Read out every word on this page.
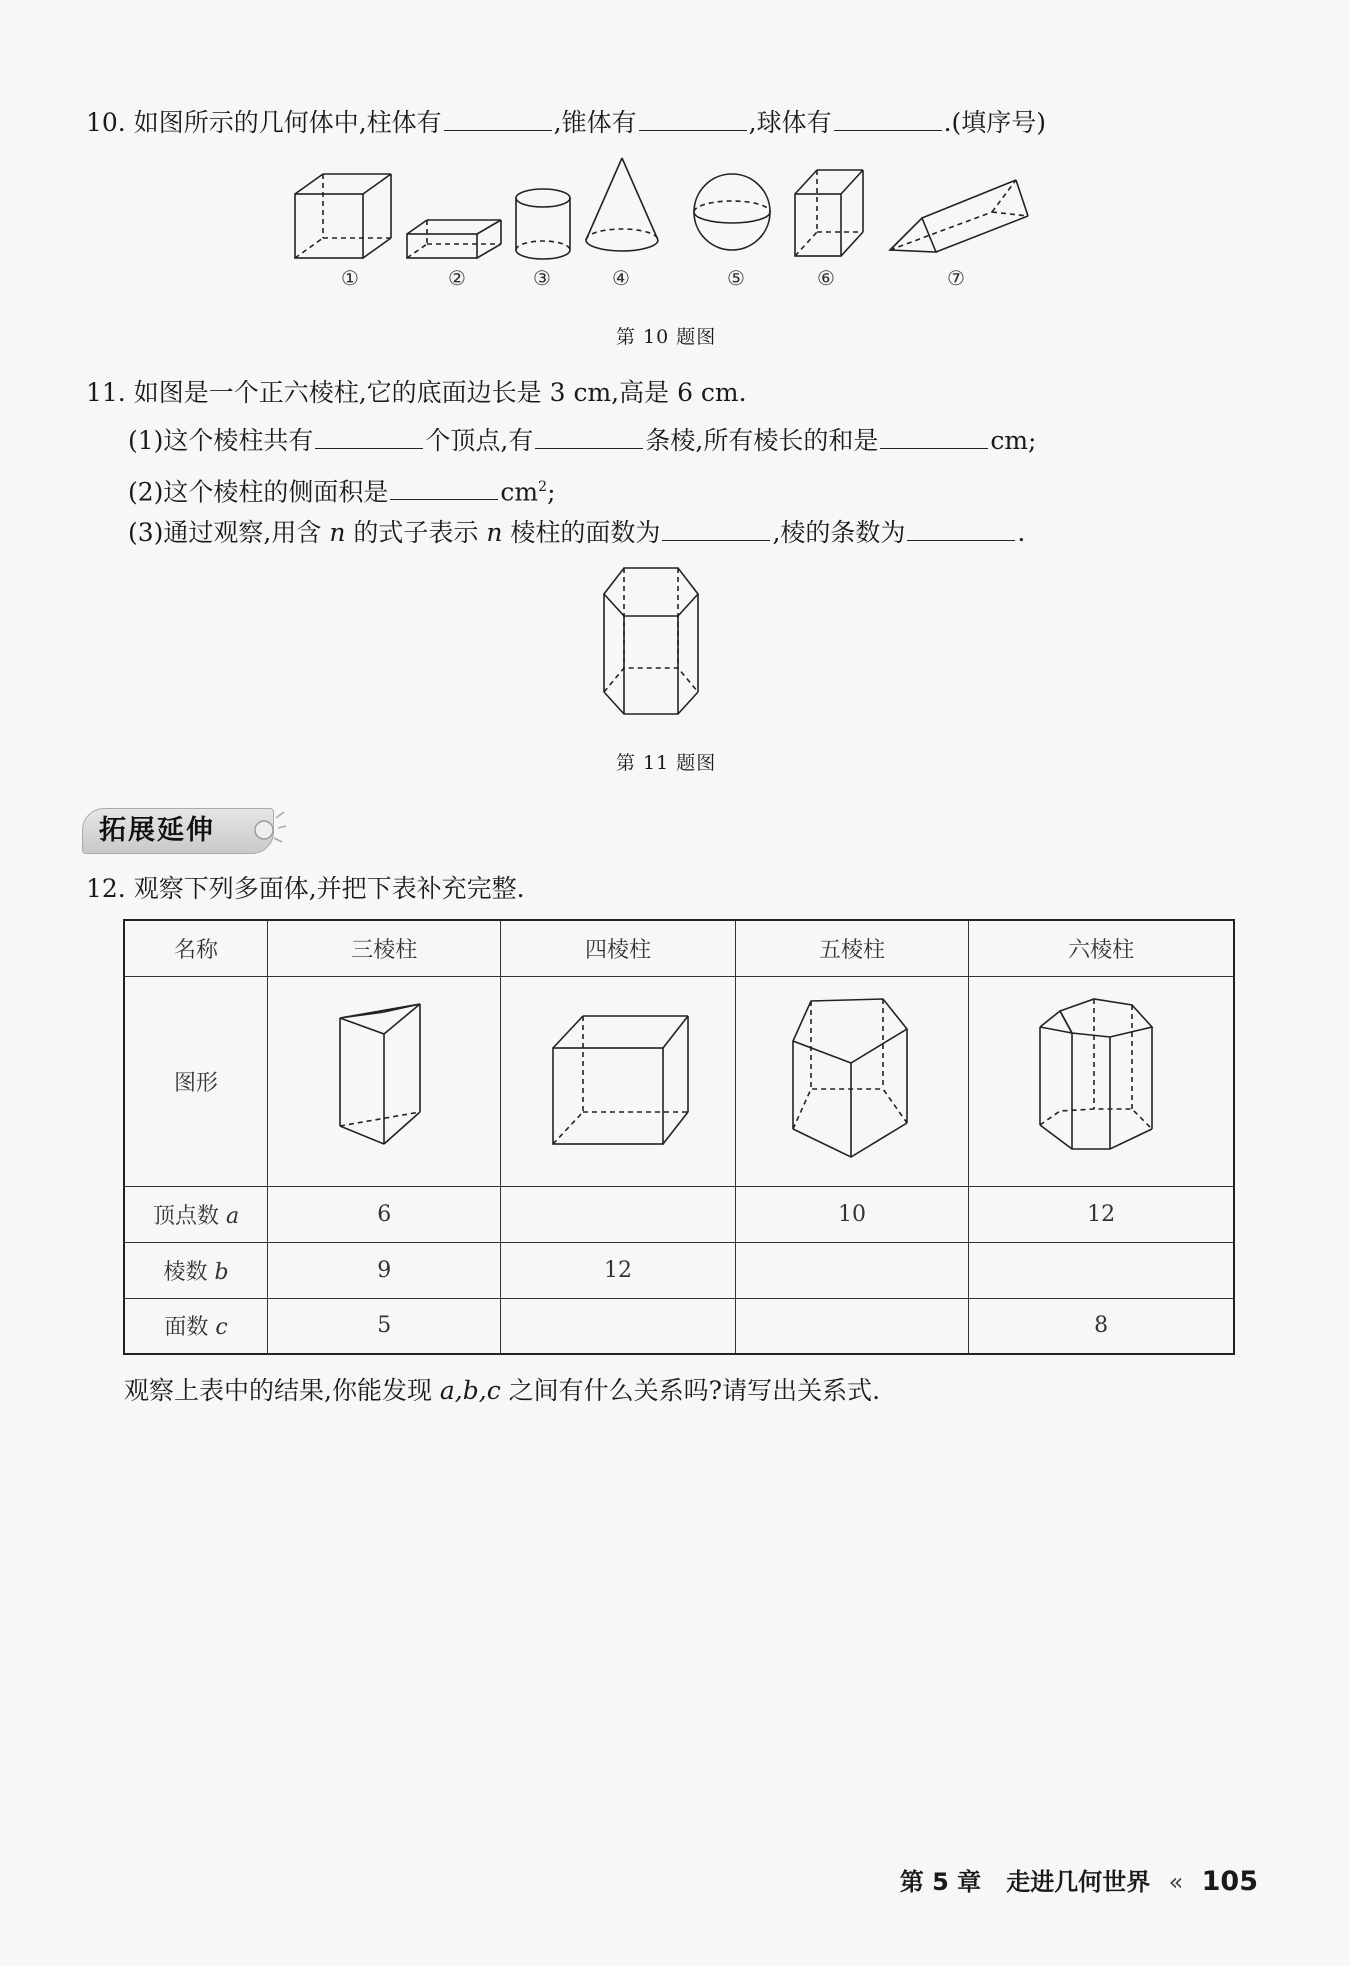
10. 如图所示的几何体中,柱体有	,锥体有	,球体有	.(填序号)
①	②	③	④	⑤	⑥	⑦
第 10 题图
11. 如图是一个正六棱柱,它的底面边长是 3 cm,高是 6 cm.
(1)这个棱柱共有	个顶点,有	条棱,所有棱长的和是	cm;
(2)这个棱柱的侧面积是	$cm^2$;
(3)通过观察,用含 n 的式子表示 n 棱柱的面数为	,棱的条数为	.
第 11 题图
拓展延伸
12. 观察下列多面体,并把下表补充完整.
名称	三棱柱	四棱柱	五棱柱	六棱柱
图形				
顶点数 a	6		10	12
棱数 b	9	12		
面数 c	5			8
观察上表中的结果,你能发现 a,b,c 之间有什么关系吗?请写出关系式.
第 5 章 走进几何世界 « 105
